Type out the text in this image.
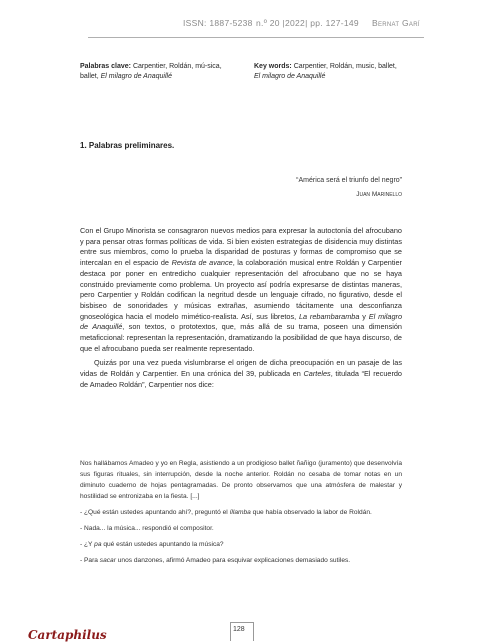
ISSN: 1887-5238 n.º 20 |2022| pp. 127-149 Bernat Garí
Palabras clave: Carpentier, Roldán, mú-sica, ballet, El milagro de Anaquillé
Key words: Carpentier, Roldán, music, ballet, El milagro de Anaquillé
1. Palabras preliminares.
“América será el triunfo del negro”
Juan Marinello

Con el Grupo Minorista se consagraron nuevos medios para expresar la autoctonía del afrocubano y para pensar otras formas políticas de vida. Si bien existen estrategias de disidencia muy distintas entre sus miembros, como lo prueba la disparidad de posturas y formas de compromiso que se intercalan en el espacio de Revista de avance, la colaboración musical entre Roldán y Carpentier destaca por poner en entredicho cualquier representación del afrocubano que no se haya construido previamente como problema. Un proyecto así podría expresarse de distintas maneras, pero Carpentier y Roldán codifican la negritud desde un lenguaje cifrado, no figurativo, desde el bisbiseo de sonoridades y músicas extrañas, asumiendo tácitamente una desconfianza gnoseológica hacia el modelo mimético-realista. Así, sus libretos, La rebambaramba y El milagro de Anaquillé, son textos, o prototextos, que, más allá de su trama, poseen una dimensión metaficcional: representan la representación, dramatizando la posibilidad de que haya discurso, de que el afrocubano pueda ser realmente representado.

Quizás por una vez pueda vislumbrarse el origen de dicha preocupación en un pasaje de las vidas de Roldán y Carpentier. En una crónica del 39, publicada en Carteles, titulada “El recuerdo de Amadeo Roldán”, Carpentier nos dice:

Nos hallábamos Amadeo y yo en Regla, asistiendo a un prodigioso ballet ñañigo (juramento) que desenvolvía sus figuras rituales, sin interrupción, desde la noche anterior. Roldán no cesaba de tomar notas en un diminuto cuaderno de hojas pentagramadas. De pronto observamos que una atmósfera de malestar y hostilidad se entronizaba en la fiesta. [...]

- ¿Qué están ustedes apuntando ahí?, preguntó el íllamba que había observado la labor de Roldán.

- Nada... la música... respondió el compositor.

- ¿Y pa qué están ustedes apuntando la música?

- Para sacar unos danzones, afirmó Amadeo para esquivar explicaciones demasiado sutiles.

Cartaphilus	128
